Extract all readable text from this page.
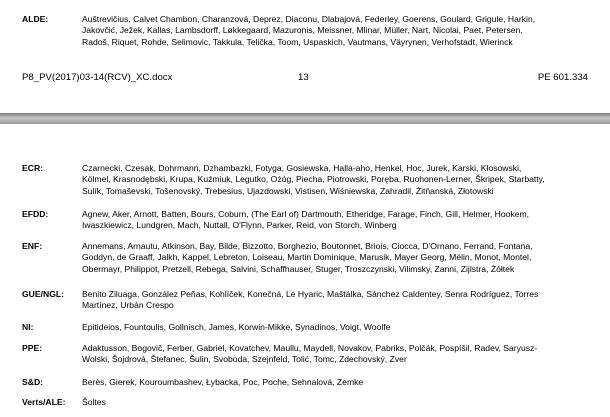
ALDE:	Auštrevičius, Calvet Chambon, Charanzová, Deprez, Diaconu, Dlabajová, Federley, Goerens, Goulard, Grigule, Harkin,
Jakovčić, Ježek, Kallas, Lambsdorff, Løkkegaard, Mazuronis, Meissner, Mlinar, Müller, Nart, Nicolai, Paet, Petersen,
Radoš, Riquet, Rohde, Selimovic, Takkula, Telička, Toom, Uspaskich, Vautmans, Väyrynen, Verhofstadt, Wierinck
P8_PV(2017)03-14(RCV)_XC.docx	13	PE 601.334
ECR:	Czarnecki, Czesak, Dohrmann, Dzhambazki, Fotyga, Gosiewska, Halla-aho, Henkel, Hoc, Jurek, Karski, Kłosowski,
Kölmel, Krasnodębski, Krupa, Kuźmiuk, Legutko, Ożóg, Piecha, Piotrowski, Poręba, Ruohonen-Lerner, Škripek, Starbatty,
Sulík, Tomaševski, Tošenovský, Trebesius, Ujazdowski, Vistisen, Wiśniewska, Zahradil, Żitňanská, Złotowski
EFDD:	Agnew, Aker, Arnott, Batten, Bours, Coburn, (The Earl of) Dartmouth, Etheridge, Farage, Finch, Gill, Helmer, Hookem,
Iwaszkiewicz, Lundgren, Mach, Nuttall, O'Flynn, Parker, Reid, von Storch, Winberg
ENF:	Annemans, Arnautu, Atkinson, Bay, Bilde, Bizzotto, Borghezio, Boutonnet, Briois, Ciocca, D'Ornano, Ferrand, Fontana,
Goddyn, de Graaff, Jalkh, Kappel, Lebreton, Loiseau, Martin Dominique, Marusik, Mayer Georg, Mélin, Monot, Montel,
Obermayr, Philippot, Pretzell, Rebega, Salvini, Schaffhauser, Stuger, Troszczynski, Vilimsky, Zanni, Zijlstra, Żółtek
GUE/NGL: Benito Ziluaga, González Peñas, Kohlíček, Konečná, Le Hyaric, Maštálka, Sánchez Caldentey, Senra Rodríguez, Torres
Martínez, Urbán Crespo
NI:	Epitideios, Fountoulis, Gollnisch, James, Korwin-Mikke, Synadinos, Voigt, Woolfe
PPE:	Adaktusson, Bogovič, Ferber, Gabriel, Kovatchev, Maullu, Maydell, Novakov, Pabriks, Polčák, Pospíšil, Radev, Saryusz-
Wolski, Šojdrová, Štefanec, Šulin, Svoboda, Szejnfeld, Tolić, Tomc, Zdechovský, Zver
S&D:	Berès, Gierek, Kouroumbashev, Łybacka, Poc, Poche, Sehnalová, Zemke
Verts/ALE: Šoltes
